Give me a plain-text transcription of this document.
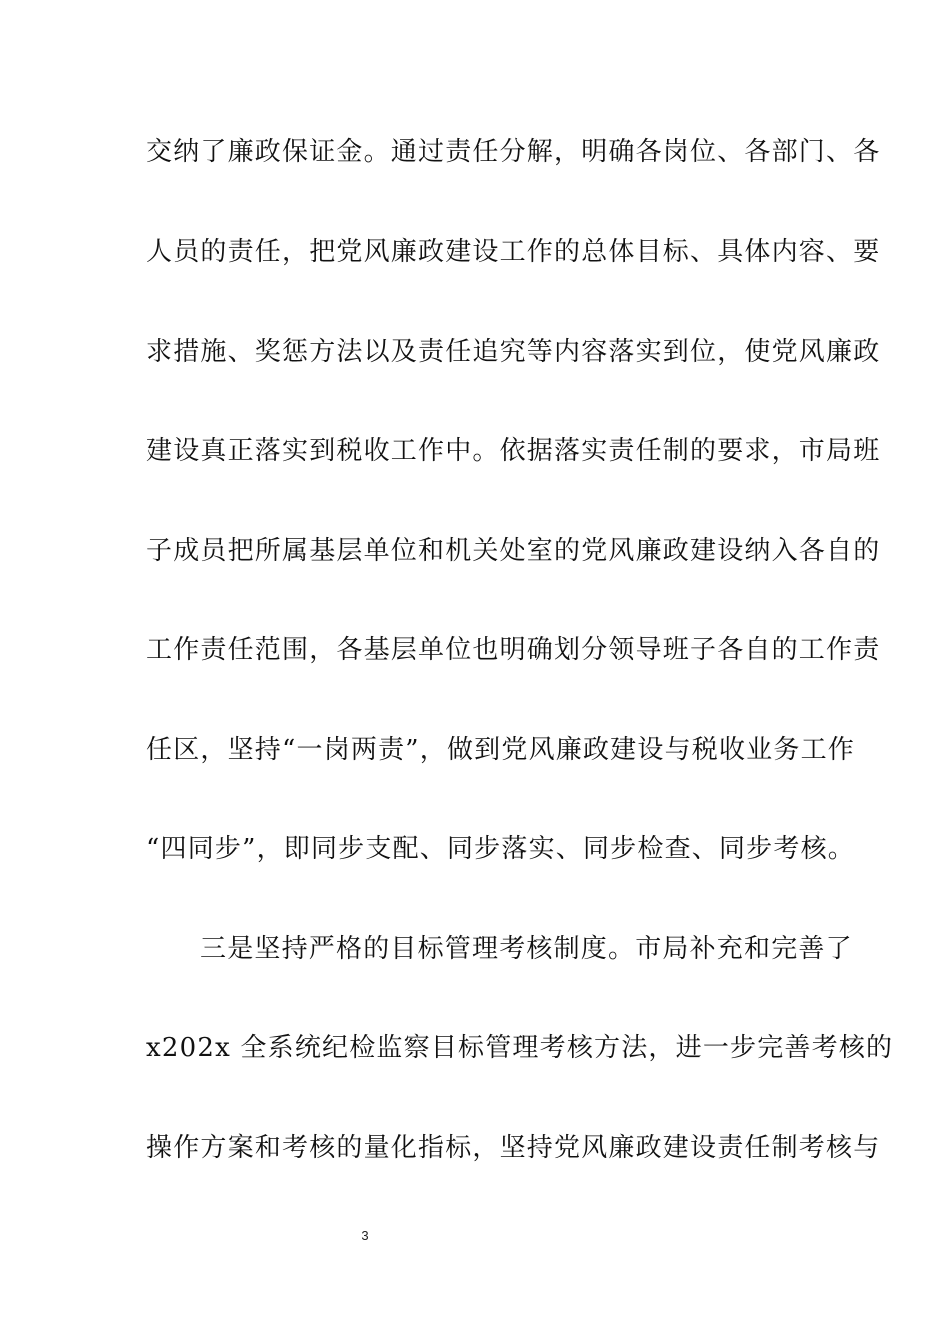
交纳了廉政保证金。通过责任分解，明确各岗位、各部门、各
人员的责任，把党风廉政建设工作的总体目标、具体内容、要
求措施、奖惩方法以及责任追究等内容落实到位，使党风廉政
建设真正落实到税收工作中。依据落实责任制的要求，市局班
子成员把所属基层单位和机关处室的党风廉政建设纳入各自的
工作责任范围，各基层单位也明确划分领导班子各自的工作责
任区，坚持“一岗两责”，做到党风廉政建设与税收业务工作
“四同步”，即同步支配、同步落实、同步检查、同步考核。
三是坚持严格的目标管理考核制度。市局补充和完善了
x202x 全系统纪检监察目标管理考核方法，进一步完善考核的
操作方案和考核的量化指标，坚持党风廉政建设责任制考核与
3
